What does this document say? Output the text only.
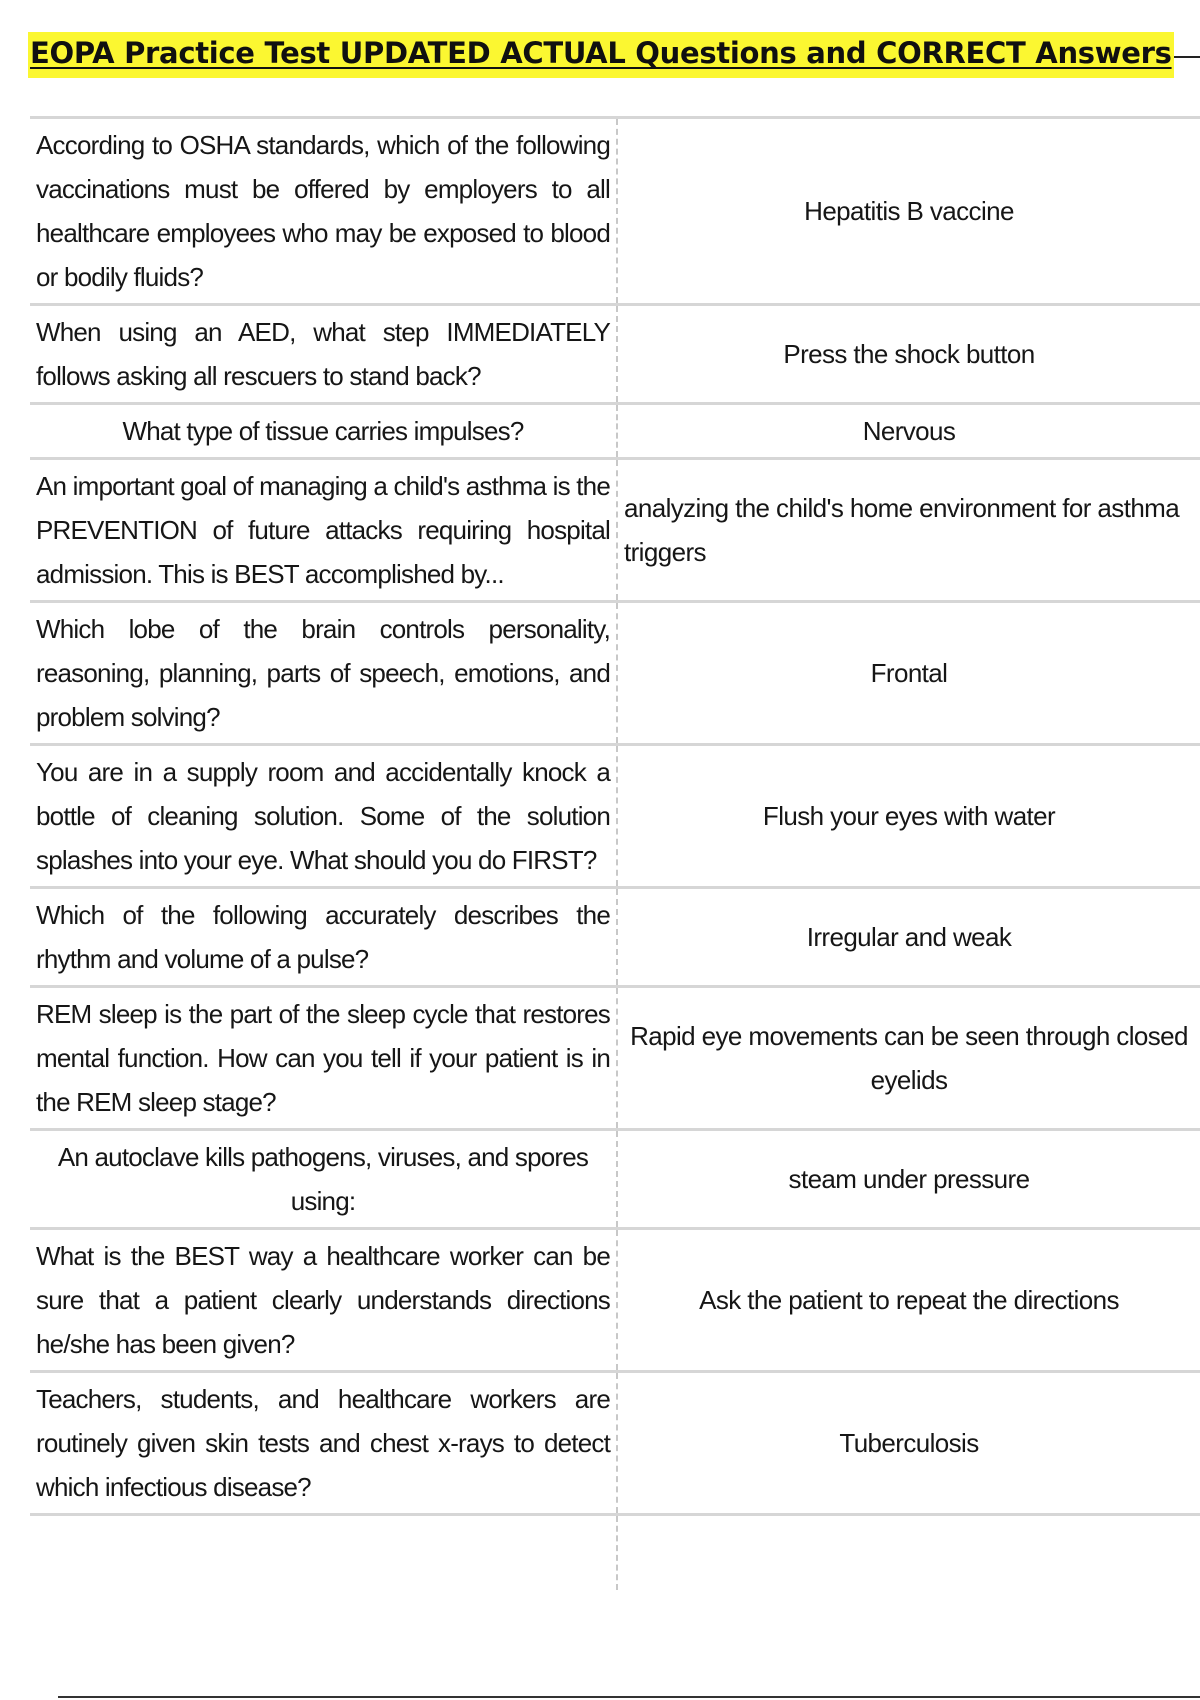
EOPA Practice Test UPDATED ACTUAL Questions and CORRECT Answers
According to OSHA standards, which of the following vaccinations must be offered by employers to all healthcare employees who may be exposed to blood or bodily fluids?	Hepatitis B vaccine
When using an AED, what step IMMEDIATELY follows asking all rescuers to stand back?	Press the shock button
What type of tissue carries impulses?	Nervous
An important goal of managing a child's asthma is the PREVENTION of future attacks requiring hospital admission. This is BEST accomplished by...	analyzing the child's home environment for asthma triggers
Which lobe of the brain controls personality, reasoning, planning, parts of speech, emotions, and problem solving?	Frontal
You are in a supply room and accidentally knock a bottle of cleaning solution. Some of the solution splashes into your eye. What should you do FIRST?	Flush your eyes with water
Which of the following accurately describes the rhythm and volume of a pulse?	Irregular and weak
REM sleep is the part of the sleep cycle that restores mental function. How can you tell if your patient is in the REM sleep stage?	Rapid eye movements can be seen through closed eyelids
An autoclave kills pathogens, viruses, and spores using:	steam under pressure
What is the BEST way a healthcare worker can be sure that a patient clearly understands directions he/she has been given?	Ask the patient to repeat the directions
Teachers, students, and healthcare workers are routinely given skin tests and chest x-rays to detect which infectious disease?	Tuberculosis
